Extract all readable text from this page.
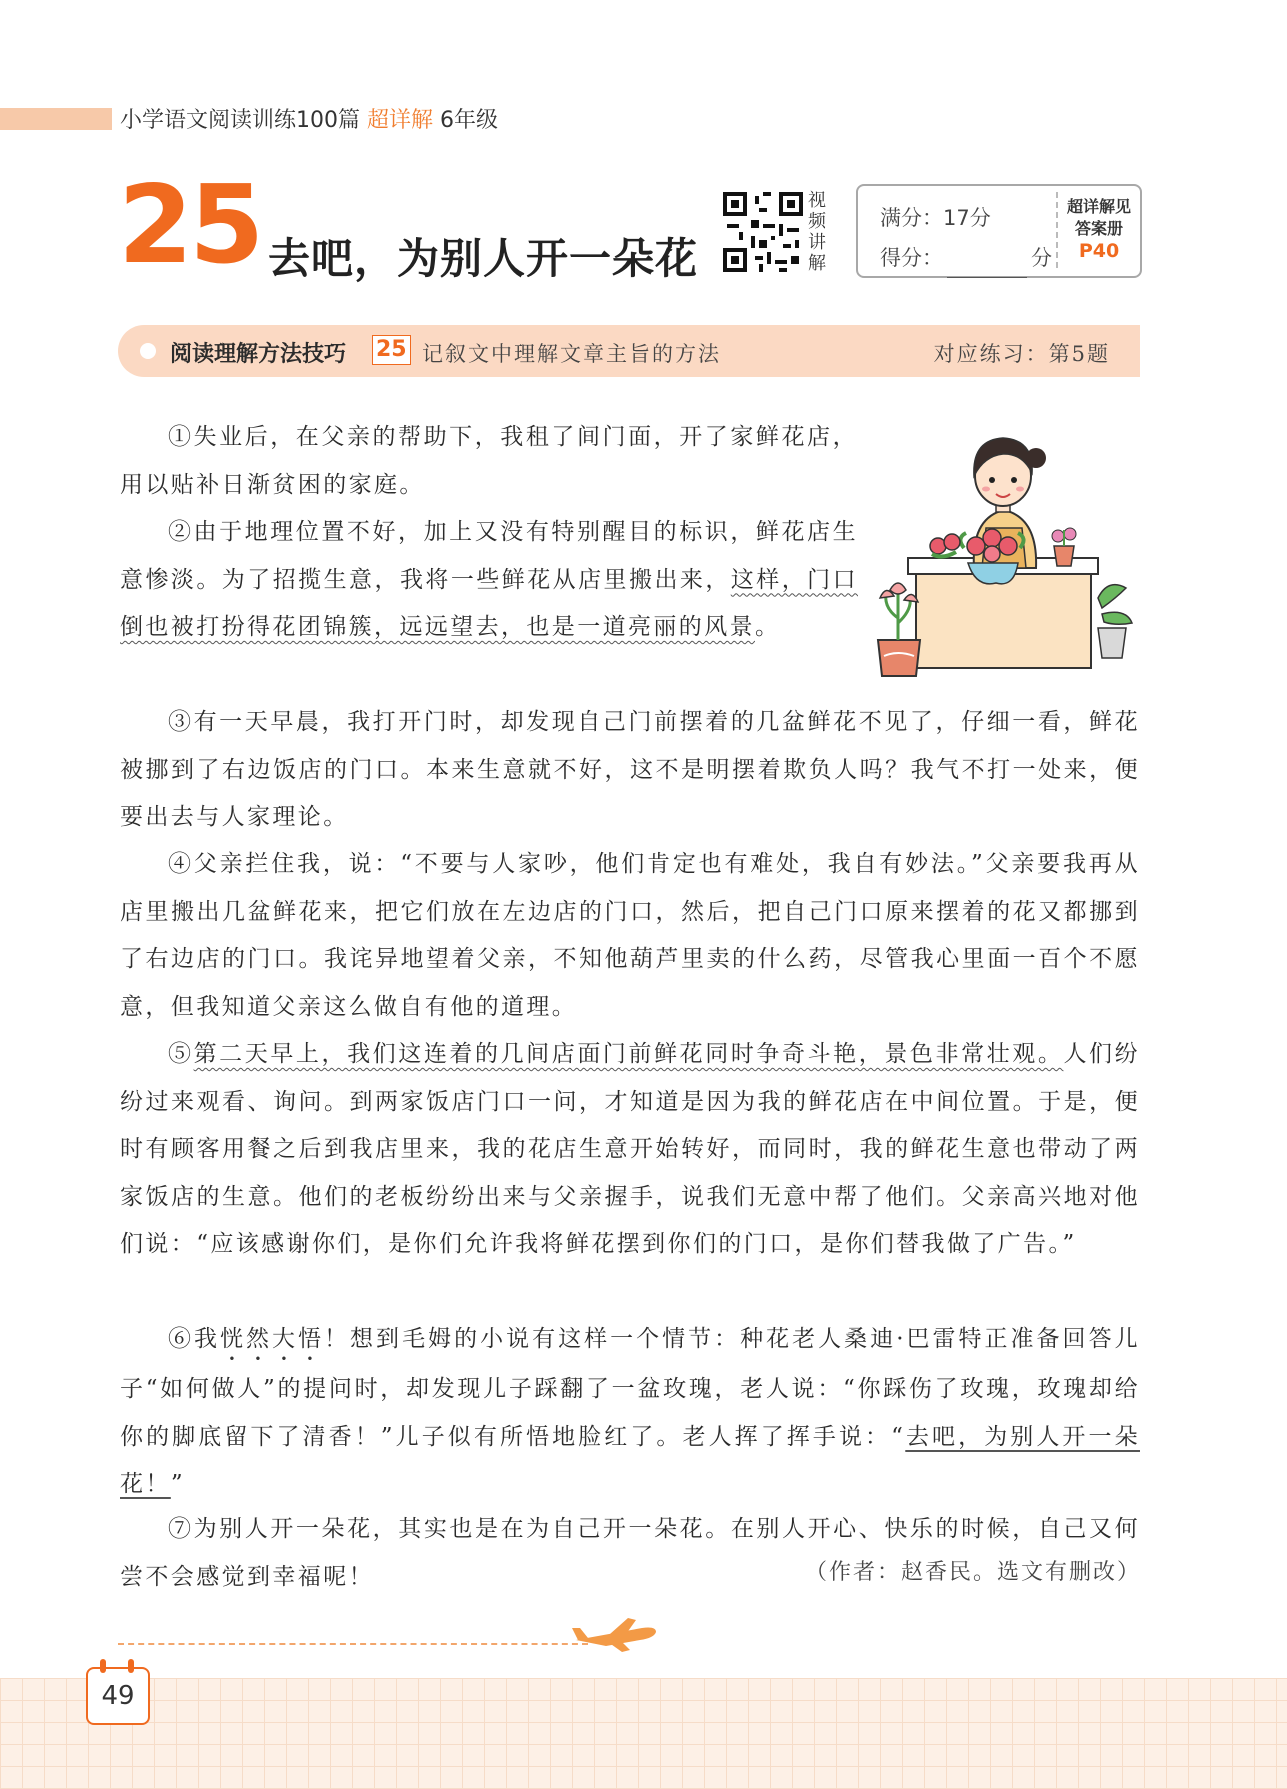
小学语文阅读训练100篇 超详解 6年级
25 去吧，为别人开一朵花
视
频
讲
解
满分：17分
得分：	分
超详解见
答案册
P40
阅读理解方法技巧 25 记叙文中理解文章主旨的方法	对应练习：第5题
①失业后，在父亲的帮助下，我租了间门面，开了家鲜花店，用以贴补日渐贫困的家庭。
②由于地理位置不好，加上又没有特别醒目的标识，鲜花店生意惨淡。为了招揽生意，我将一些鲜花从店里搬出来，这样，门口倒也被打扮得花团锦簇，远远望去，也是一道亮丽的风景。
③有一天早晨，我打开门时，却发现自己门前摆着的几盆鲜花不见了，仔细一看，鲜花被挪到了右边饭店的门口。本来生意就不好，这不是明摆着欺负人吗？我气不打一处来，便要出去与人家理论。
④父亲拦住我，说：“不要与人家吵，他们肯定也有难处，我自有妙法。”父亲要我再从店里搬出几盆鲜花来，把它们放在左边店的门口，然后，把自己门口原来摆着的花又都挪到了右边店的门口。我诧异地望着父亲，不知他葫芦里卖的什么药，尽管我心里面一百个不愿意，但我知道父亲这么做自有他的道理。
⑤第二天早上，我们这连着的几间店面门前鲜花同时争奇斗艳，景色非常壮观。人们纷纷过来观看、询问。到两家饭店门口一问，才知道是因为我的鲜花店在中间位置。于是，便时有顾客用餐之后到我店里来，我的花店生意开始转好，而同时，我的鲜花生意也带动了两家饭店的生意。他们的老板纷纷出来与父亲握手，说我们无意中帮了他们。父亲高兴地对他们说：“应该感谢你们，是你们允许我将鲜花摆到你们的门口，是你们替我做了广告。”
⑥我恍然大悟！想到毛姆的小说有这样一个情节：种花老人桑迪·巴雷特正准备回答儿子“如何做人”的提问时，却发现儿子踩翻了一盆玫瑰，老人说：“你踩伤了玫瑰，玫瑰却给你的脚底留下了清香！”儿子似有所悟地脸红了。老人挥了挥手说：“去吧，为别人开一朵花！”
⑦为别人开一朵花，其实也是在为自己开一朵花。在别人开心、快乐的时候，自己又何尝不会感觉到幸福呢！	（作者：赵香民。选文有删改）
49
